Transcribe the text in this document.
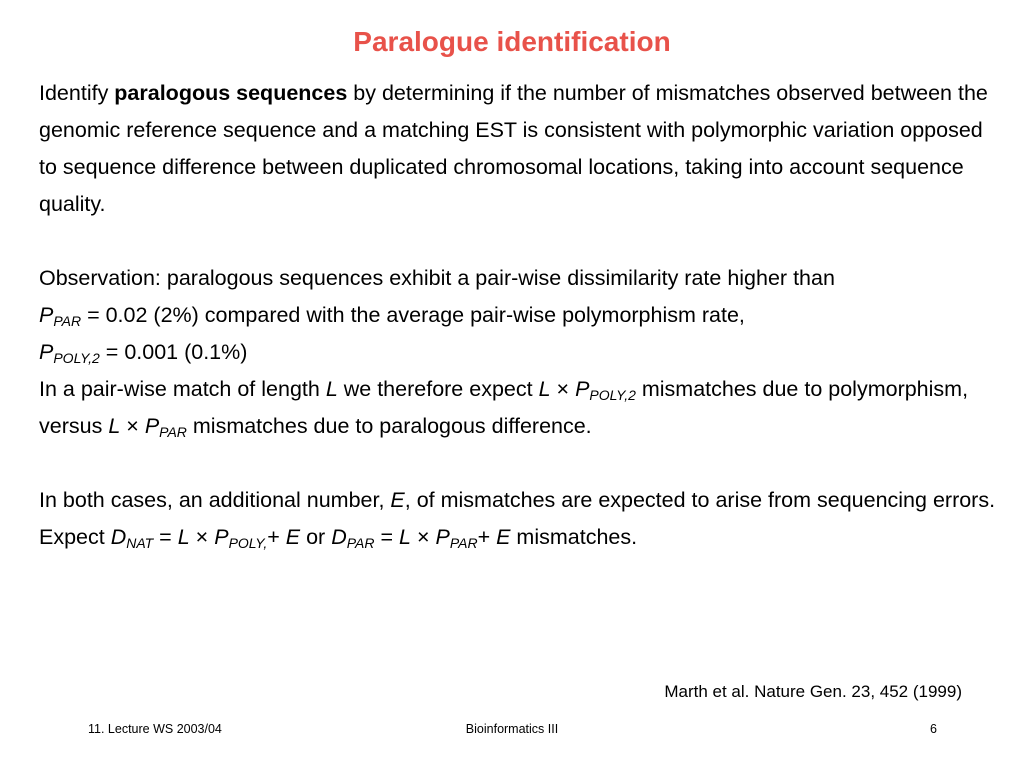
Paralogue identification

Identify paralogous sequences by determining if the number of mismatches observed between the genomic reference sequence and a matching EST is consistent with polymorphic variation opposed to sequence difference between duplicated chromosomal locations, taking into account sequence quality.

Observation: paralogous sequences exhibit a pair-wise dissimilarity rate higher than
$P_{PAR} = 0.02$ (2%) compared with the average pair-wise polymorphism rate,
$P_{POLY,2} = 0.001$ (0.1%)

In a pair-wise match of length L we therefore expect $L \times P_{POLY,2}$ mismatches due to polymorphism, versus $L \times P_{PAR}$ mismatches due to paralogous difference.

In both cases, an additional number, E, of mismatches are expected to arise from sequencing errors.

Expect $D_{NAT} = L \times P_{POLY,}+ E$ or $D_{PAR} = L \times P_{PAR}+ E$ mismatches.

Marth et al. Nature Gen. 23, 452 (1999)
11. Lecture WS 2003/04	Bioinformatics III	6
